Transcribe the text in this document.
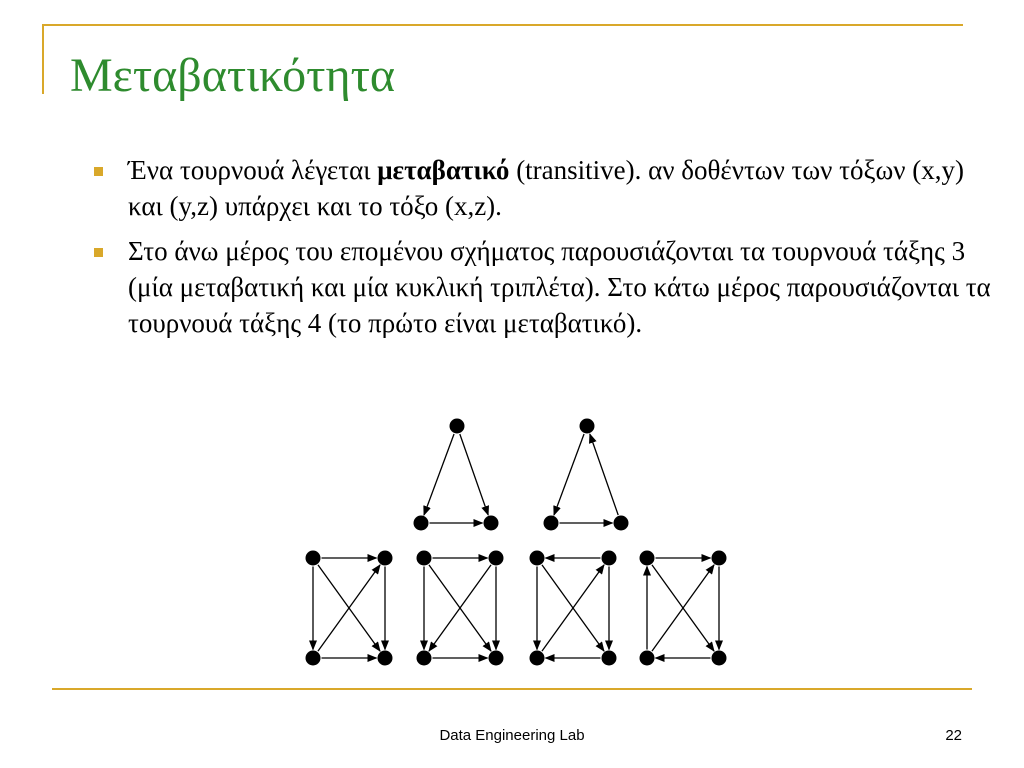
Μεταβατικότητα
Ένα τουρνουά λέγεται μεταβατικό (transitive). αν δοθέντων των τόξων (x,y) και (y,z) υπάρχει και το τόξο (x,z).
Στο άνω μέρος του επομένου σχήματος παρουσιάζονται τα τουρνουά τάξης 3 (μία μεταβατική και μία κυκλική τριπλέτα). Στο κάτω μέρος παρουσιάζονται τα τουρνουά τάξης 4 (το πρώτο είναι μεταβατικό).
Data Engineering Lab	22
